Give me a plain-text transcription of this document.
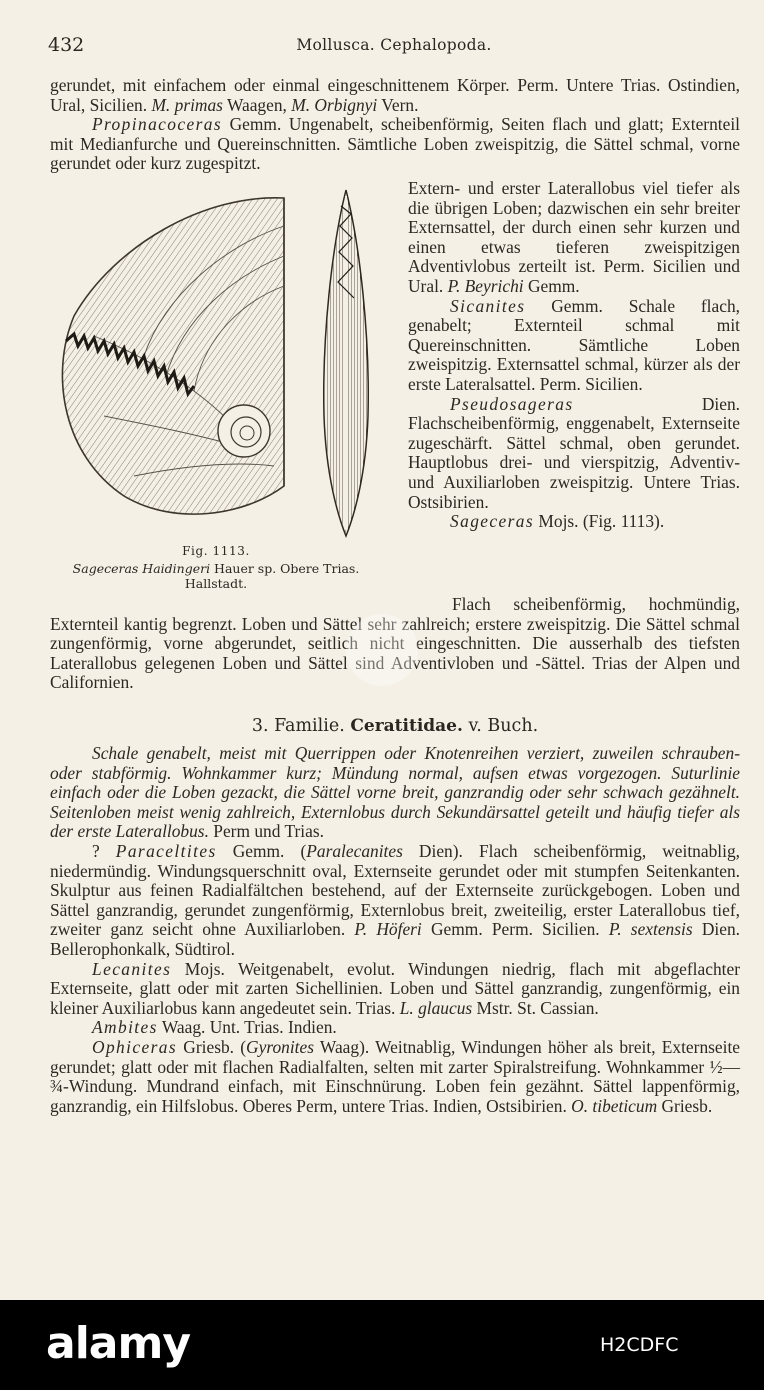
432	Mollusca. Cephalopoda.

gerundet, mit einfachem oder einmal eingeschnittenem Körper. Perm. Untere Trias. Ostindien, Ural, Sicilien. M. primas Waagen, M. Orbignyi Vern.

Propinacoceras Gemm. Ungenabelt, scheibenförmig, Seiten flach und glatt; Externteil mit Medianfurche und Quereinschnitten. Sämtliche Loben zweispitzig, die Sättel schmal, vorne gerundet oder kurz zugespitzt.

Fig. 1113.
Sageceras Haidingeri Hauer sp. Obere Trias.
Hallstadt.

Extern- und erster Laterallobus viel tiefer als die übrigen Loben; dazwischen ein sehr breiter Externsattel, der durch einen sehr kurzen und einen etwas tieferen zweispitzigen Adventivlobus zerteilt ist. Perm. Sicilien und Ural. P. Beyrichi Gemm.

Sicanites Gemm. Schale flach, genabelt; Externteil schmal mit Quereinschnitten. Sämtliche Loben zweispitzig. Externsattel schmal, kürzer als der erste Lateralsattel. Perm. Sicilien.

Pseudosageras Dien. Flachscheibenförmig, enggenabelt, Externseite zugeschärft. Sättel schmal, oben gerundet. Hauptlobus drei- und vierspitzig, Adventiv- und Auxiliarloben zweispitzig. Untere Trias. Ostsibirien.

Sageceras Mojs. (Fig. 1113).

Flach scheibenförmig, hochmündig, Externteil kantig begrenzt. Loben und Sättel sehr zahlreich; erstere zweispitzig. Die Sättel schmal zungenförmig, vorne abgerundet, seitlich nicht eingeschnitten. Die ausserhalb des tiefsten Laterallobus gelegenen Loben und Sättel sind Adventivloben und -Sättel. Trias der Alpen und Californien.
3. Familie. Ceratitidae. v. Buch.

Schale genabelt, meist mit Querrippen oder Knotenreihen verziert, zuweilen schrauben- oder stabförmig. Wohnkammer kurz; Mündung normal, aufsen etwas vorgezogen. Suturlinie einfach oder die Loben gezackt, die Sättel vorne breit, ganzrandig oder sehr schwach gezähnelt. Seitenloben meist wenig zahlreich, Externlobus durch Sekundärsattel geteilt und häufig tiefer als der erste Laterallobus. Perm und Trias.

? Paraceltites Gemm. (Paralecanites Dien). Flach scheibenförmig, weitnablig, niedermündig. Windungsquerschnitt oval, Externseite gerundet oder mit stumpfen Seitenkanten. Skulptur aus feinen Radialfältchen bestehend, auf der Externseite zurückgebogen. Loben und Sättel ganzrandig, gerundet zungenförmig, Externlobus breit, zweiteilig, erster Laterallobus tief, zweiter ganz seicht ohne Auxiliarloben. P. Höferi Gemm. Perm. Sicilien. P. sextensis Dien. Bellerophonkalk, Südtirol.

Lecanites Mojs. Weitgenabelt, evolut. Windungen niedrig, flach mit abgeflachter Externseite, glatt oder mit zarten Sichellinien. Loben und Sättel ganzrandig, zungenförmig, ein kleiner Auxiliarlobus kann angedeutet sein. Trias. L. glaucus Mstr. St. Cassian.

Ambites Waag. Unt. Trias. Indien.

Ophiceras Griesb. (Gyronites Waag). Weitnablig, Windungen höher als breit, Externseite gerundet; glatt oder mit flachen Radialfalten, selten mit zarter Spiralstreifung. Wohnkammer ½—¾-Windung. Mundrand einfach, mit Einschnürung. Loben fein gezähnt. Sättel lappenförmig, ganzrandig, ein Hilfslobus. Oberes Perm, untere Trias. Indien, Ostsibirien. O. tibeticum Griesb.

alamy	H2CDFC
